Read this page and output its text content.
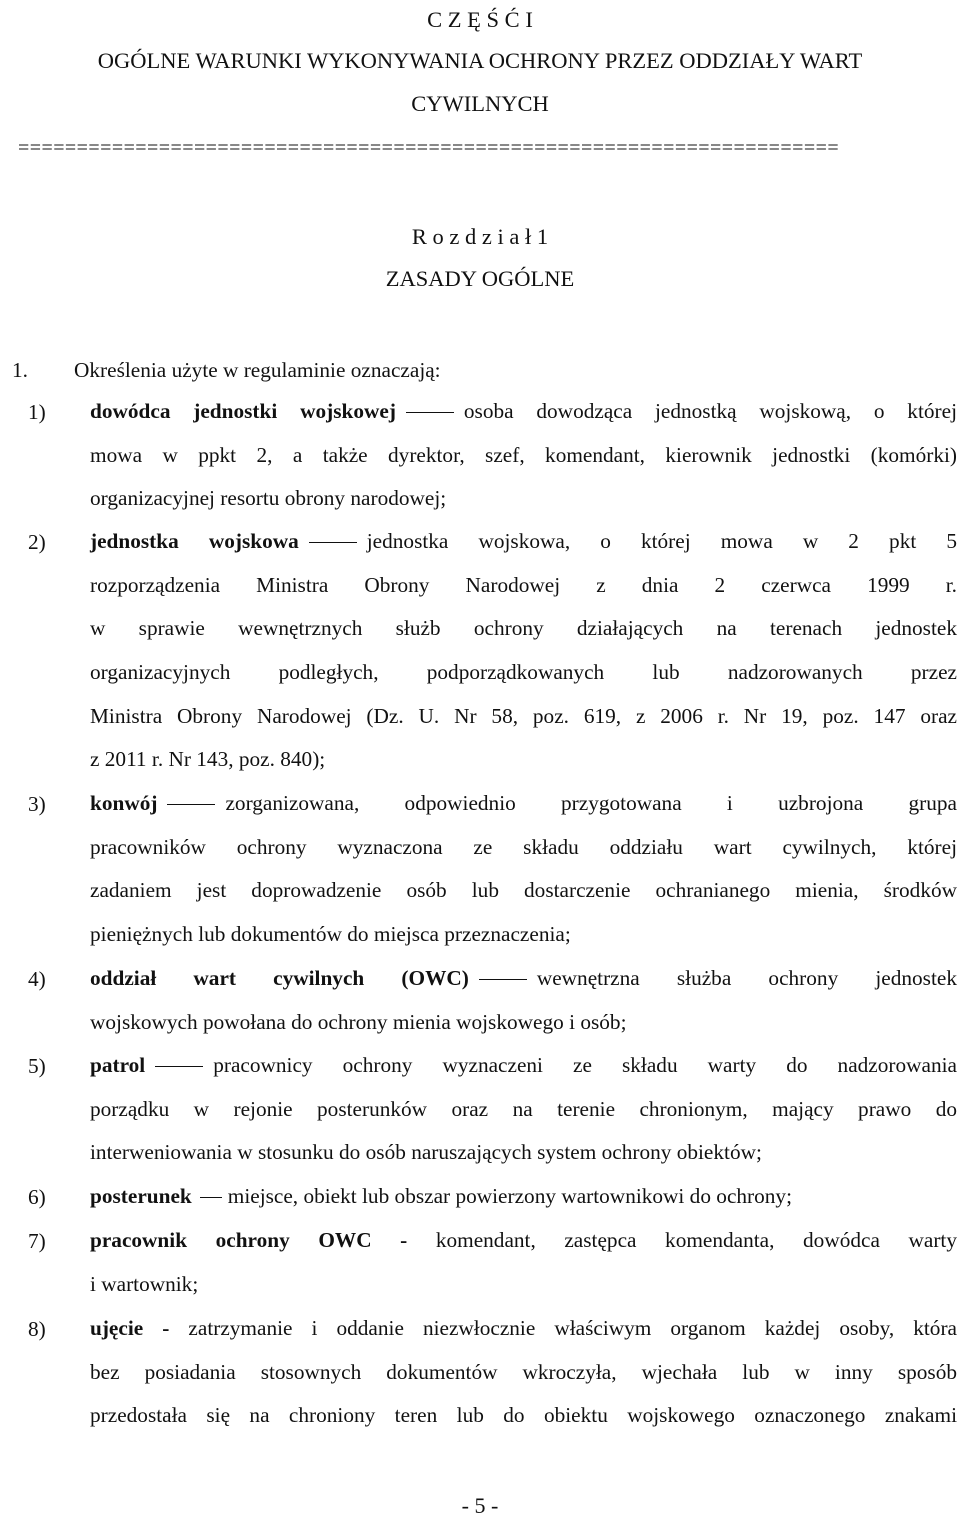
C Z Ę Ś Ć I
OGÓLNE WARUNKI WYKONYWANIA OCHRONY PRZEZ ODDZIAŁY WART
CYWILNYCH
======================================================================
R o z d z i a ł 1
ZASADY OGÓLNE
1. Określenia użyte w regulaminie oznaczają:
1)	dowódca jednostki wojskowej	osoba dowodząca jednostką wojskową, o której
mowa w ppkt 2, a także dyrektor, szef, komendant, kierownik jednostki (komórki)
organizacyjnej resortu obrony narodowej;
2)	jednostka wojskowa	jednostka wojskowa, o której mowa w 2 pkt 5
rozporządzenia Ministra Obrony Narodowej z dnia 2 czerwca 1999 r.
w sprawie wewnętrznych służb ochrony działających na terenach jednostek
organizacyjnych podległych, podporządkowanych lub nadzorowanych przez
Ministra Obrony Narodowej (Dz. U. Nr 58, poz. 619, z 2006 r. Nr 19, poz. 147 oraz
z 2011 r. Nr 143, poz. 840);
3)	konwój	zorganizowana, odpowiednio przygotowana i uzbrojona grupa
pracowników ochrony wyznaczona ze składu oddziału wart cywilnych, której
zadaniem jest doprowadzenie osób lub dostarczenie ochranianego mienia, środków
pieniężnych lub dokumentów do miejsca przeznaczenia;
4)	oddział wart cywilnych (OWC)	wewnętrzna służba ochrony jednostek
wojskowych powołana do ochrony mienia wojskowego i osób;
5)	patrol	pracownicy ochrony wyznaczeni ze składu warty do nadzorowania
porządku w rejonie posterunków oraz na terenie chronionym, mający prawo do
interweniowania w stosunku do osób naruszających system ochrony obiektów;
6)	posterunek miejsce, obiekt lub obszar powierzony wartownikowi do ochrony;
7)	pracownik ochrony OWC - komendant, zastępca komendanta, dowódca warty
i wartownik;
8)	ujęcie - zatrzymanie i oddanie niezwłocznie właściwym organom każdej osoby, która
bez posiadania stosownych dokumentów wkroczyła, wjechała lub w inny sposób
przedostała się na chroniony teren lub do obiektu wojskowego oznaczonego znakami
- 5 -
